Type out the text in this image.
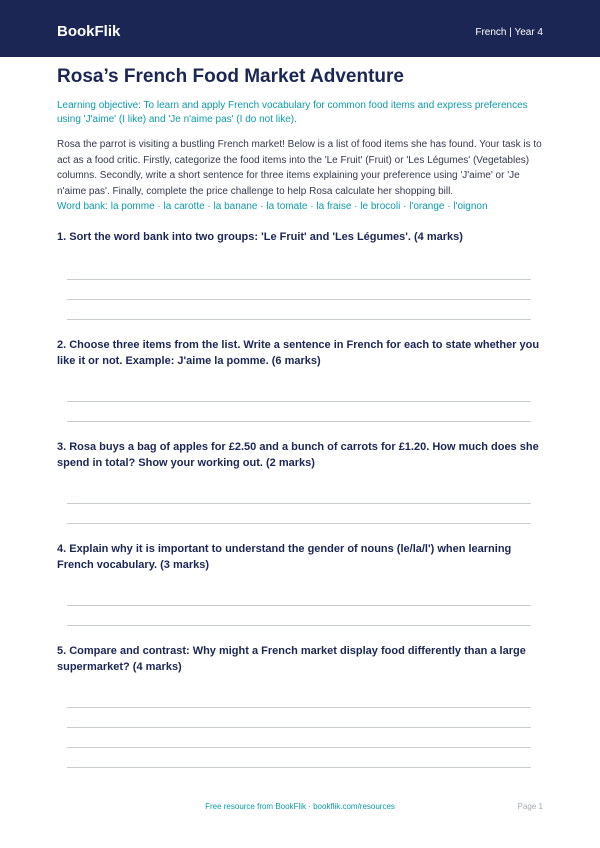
BookFlik	French | Year 4
Rosa’s French Food Market Adventure
Learning objective: To learn and apply French vocabulary for common food items and express preferences using 'J'aime' (I like) and 'Je n'aime pas' (I do not like).
Rosa the parrot is visiting a bustling French market! Below is a list of food items she has found. Your task is to act as a food critic. Firstly, categorize the food items into the 'Le Fruit' (Fruit) or 'Les Légumes' (Vegetables) columns. Secondly, write a short sentence for three items explaining your preference using 'J'aime' or 'Je n'aime pas'. Finally, complete the price challenge to help Rosa calculate her shopping bill.
Word bank: la pomme · la carotte · la banane · la tomate · la fraise · le brocoli · l'orange · l'oignon
1. Sort the word bank into two groups: 'Le Fruit' and 'Les Légumes'. (4 marks)
2. Choose three items from the list. Write a sentence in French for each to state whether you like it or not. Example: J'aime la pomme. (6 marks)
3. Rosa buys a bag of apples for £2.50 and a bunch of carrots for £1.20. How much does she spend in total? Show your working out. (2 marks)
4. Explain why it is important to understand the gender of nouns (le/la/l') when learning French vocabulary. (3 marks)
5. Compare and contrast: Why might a French market display food differently than a large supermarket? (4 marks)
Free resource from BookFlik · bookflik.com/resources	Page 1
